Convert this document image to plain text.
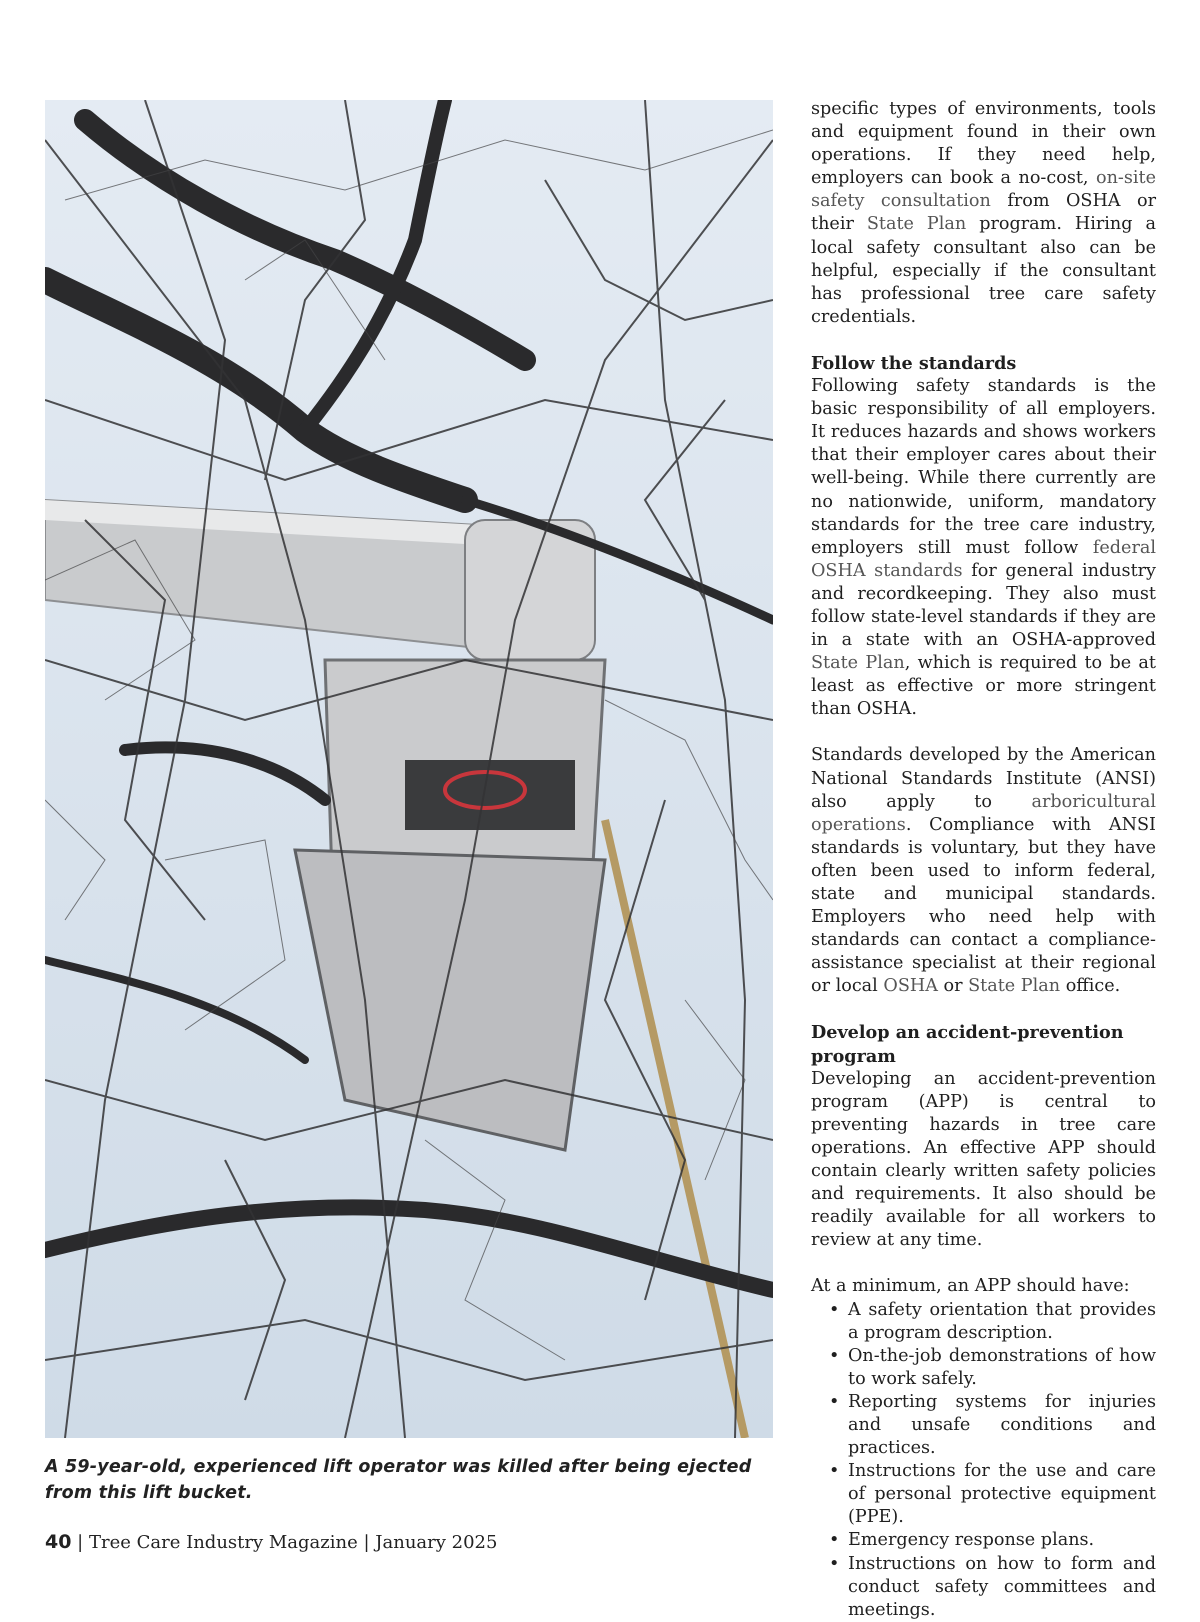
A 59-year-old, experienced lift operator was killed after being ejected from this lift bucket.

specific types of environments, tools and equipment found in their own operations. If they need help, employers can book a no-cost, on-site safety consultation from OSHA or their State Plan program. Hiring a local safety consultant also can be helpful, especially if the consultant has professional tree care safety credentials.

Follow the standards

Following safety standards is the basic responsibility of all employers. It reduces hazards and shows workers that their employer cares about their well-being. While there currently are no nationwide, uniform, mandatory standards for the tree care industry, employers still must follow federal OSHA standards for general industry and recordkeeping. They also must follow state-level standards if they are in a state with an OSHA-approved State Plan, which is required to be at least as effective or more stringent than OSHA.

Standards developed by the American National Standards Institute (ANSI) also apply to arboricultural operations. Compliance with ANSI standards is voluntary, but they have often been used to inform federal, state and municipal standards. Employers who need help with standards can contact a compliance-assistance specialist at their regional or local OSHA or State Plan office.

Develop an accident-prevention program

Developing an accident-prevention program (APP) is central to preventing hazards in tree care operations. An effective APP should contain clearly written safety policies and requirements. It also should be readily available for all workers to review at any time.

At a minimum, an APP should have:

• A safety orientation that provides a program description.
• On-the-job demonstrations of how to work safely.
• Reporting systems for injuries and unsafe conditions and practices.
• Instructions for the use and care of personal protective equipment (PPE).
• Emergency response plans.
• Instructions on how to form and conduct safety committees and meetings.
40 | Tree Care Industry Magazine | January 2025
